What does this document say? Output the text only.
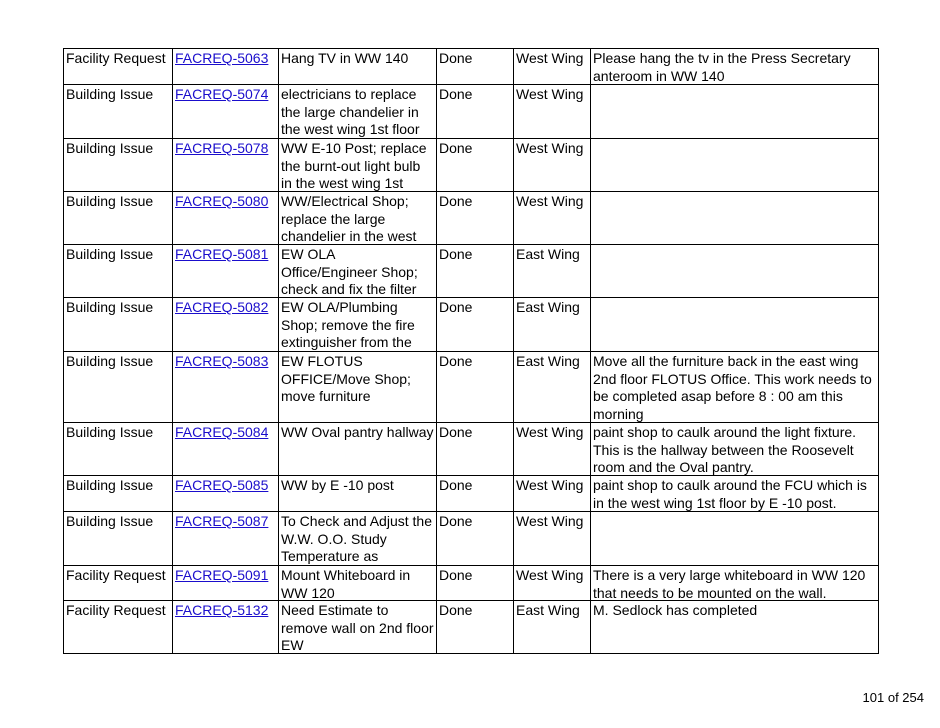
Facility Request	FACREQ-5063	Hang TV in WW 140	Done	West Wing	Please hang the tv in the Press Secretary anteroom in WW 140

Building Issue	FACREQ-5074	electricians to replace the large chandelier in the west wing 1st floor	Done	West Wing	

Building Issue	FACREQ-5078	WW E-10 Post; replace the burnt-out light bulb in the west wing 1st	Done	West Wing	

Building Issue	FACREQ-5080	WW/Electrical Shop; replace the large chandelier in the west	Done	West Wing	

Building Issue	FACREQ-5081	EW OLA Office/Engineer Shop; check and fix the filter	Done	East Wing	

Building Issue	FACREQ-5082	EW OLA/Plumbing Shop; remove the fire extinguisher from the	Done	East Wing	

Building Issue	FACREQ-5083	EW FLOTUS OFFICE/Move Shop; move furniture	Done	East Wing	Move all the furniture back in the east wing 2nd floor FLOTUS Office. This work needs to be completed asap before 8 : 00 am this morning

Building Issue	FACREQ-5084	WW Oval pantry hallway	Done	West Wing	paint shop to caulk around the light fixture. This is the hallway between the Roosevelt room and the Oval pantry.

Building Issue	FACREQ-5085	WW by E -10 post	Done	West Wing	paint shop to caulk around the FCU which is in the west wing 1st floor by E -10 post.

Building Issue	FACREQ-5087	To Check and Adjust the W.W. O.O. Study Temperature as	Done	West Wing	

Facility Request	FACREQ-5091	Mount Whiteboard in WW 120	Done	West Wing	There is a very large whiteboard in WW 120 that needs to be mounted on the wall.

Facility Request	FACREQ-5132	Need Estimate to remove wall on 2nd floor EW	Done	East Wing	M. Sedlock has completed
101 of 254
